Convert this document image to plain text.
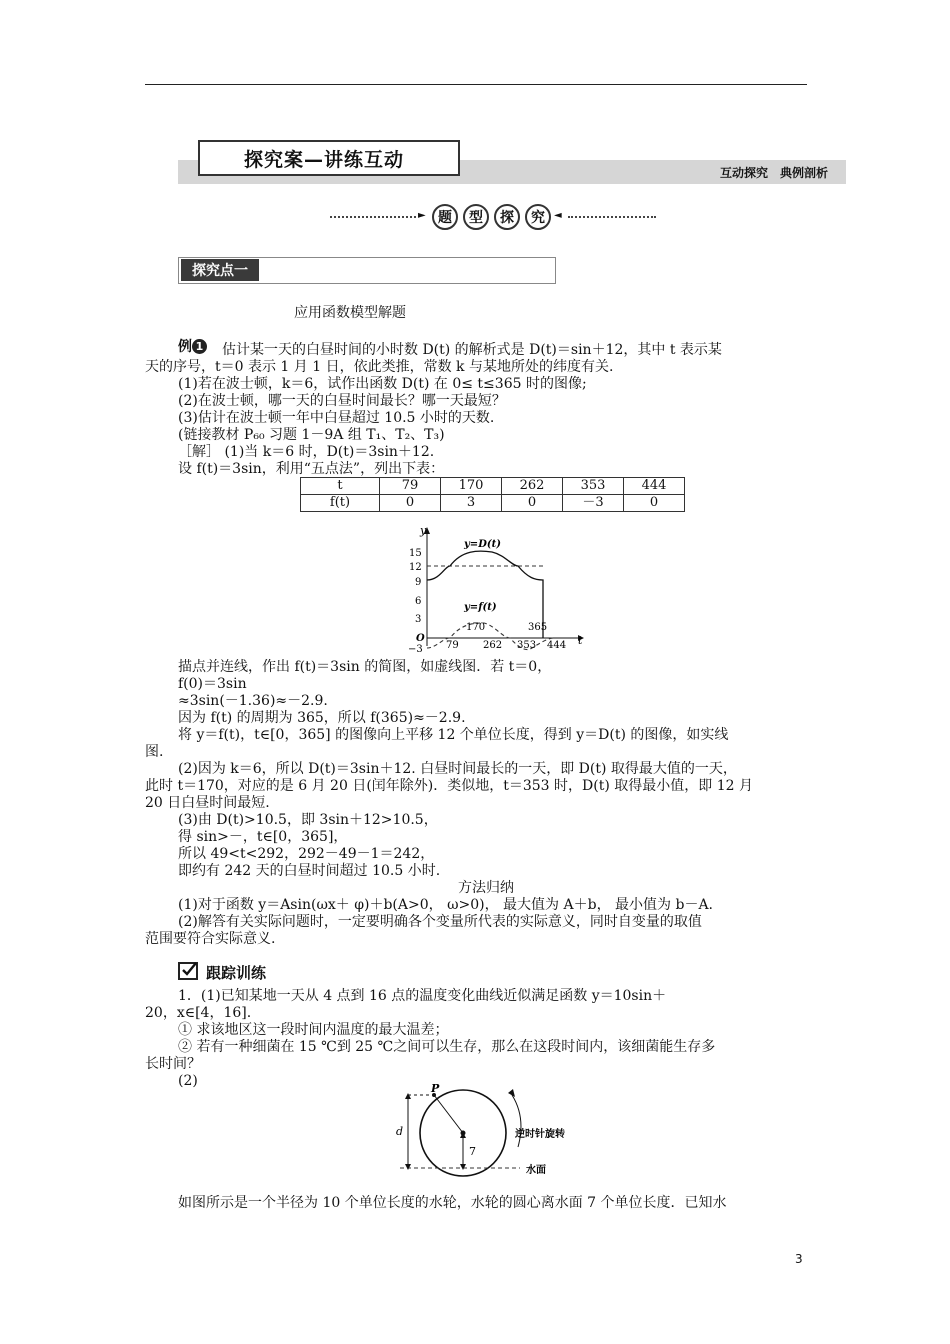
探究案—讲练互动
互动探究　典例剖析
► 题	型	探	究 ◄
探究点一
应用函数模型解题
例 1 估计某一天的白昼时间的小时数 D(t) 的解析式是 D(t)＝sin＋12，其中 t 表示某
天的序号，t＝0 表示 1 月 1 日，依此类推，常数 k 与某地所处的纬度有关.
(1)若在波士顿，k＝6，试作出函数 D(t) 在 0≤ t≤365 时的图像;
(2)在波士顿，哪一天的白昼时间最长？哪一天最短？
(3)估计在波士顿一年中白昼超过 10.5 小时的天数.
(链接教材 P₆₀ 习题 1－9A 组 T₁、T₂、T₃)
［解］ (1)当 k＝6 时，D(t)＝3sin＋12.
设 f(t)＝3sin，利用“五点法”，列出下表：
t	79	170	262	353	444
f(t)	0	3	0	－3	0
y
t
O
15
12
9
6
3
−3 79 262 353 444
170	365
y=D(t)
y=f(t)
描点并连线，作出 f(t)＝3sin 的简图，如虚线图．若 t＝0，
f(0)＝3sin
≈3sin(－1.36)≈－2.9.
因为 f(t) 的周期为 365，所以 f(365)≈－2.9.
将 y＝f(t)，t∈[0，365] 的图像向上平移 12 个单位长度，得到 y＝D(t) 的图像，如实线
图.
(2)因为 k＝6，所以 D(t)＝3sin＋12. 白昼时间最长的一天，即 D(t) 取得最大值的一天，
此时 t＝170，对应的是 6 月 20 日(闰年除外)．类似地，t＝353 时，D(t) 取得最小值，即 12 月
20 日白昼时间最短.
(3)由 D(t)>10.5，即 3sin＋12>10.5，
得 sin>－，t∈[0，365]，
所以 49<t<292，292－49－1＝242，
即约有 242 天的白昼时间超过 10.5 小时.
方法归纳
(1)对于函数 y＝Asin(ωx＋ φ)＋b(A>0， ω>0)， 最大值为 A＋b， 最小值为 b－A.
(2)解答有关实际问题时，一定要明确各个变量所代表的实际意义，同时自变量的取值
范围要符合实际意义.
跟踪训练
1．(1)已知某地一天从 4 点到 16 点的温度变化曲线近似满足函数 y＝10sin＋
20，x∈[4，16].
① 求该地区这一段时间内温度的最大温差；
② 若有一种细菌在 15 ℃到 25 ℃之间可以生存，那么在这段时间内，该细菌能生存多
长时间？
(2)	P
d
7
逆时针旋转
水面
如图所示是一个半径为 10 个单位长度的水轮，水轮的圆心离水面 7 个单位长度．已知水
3
